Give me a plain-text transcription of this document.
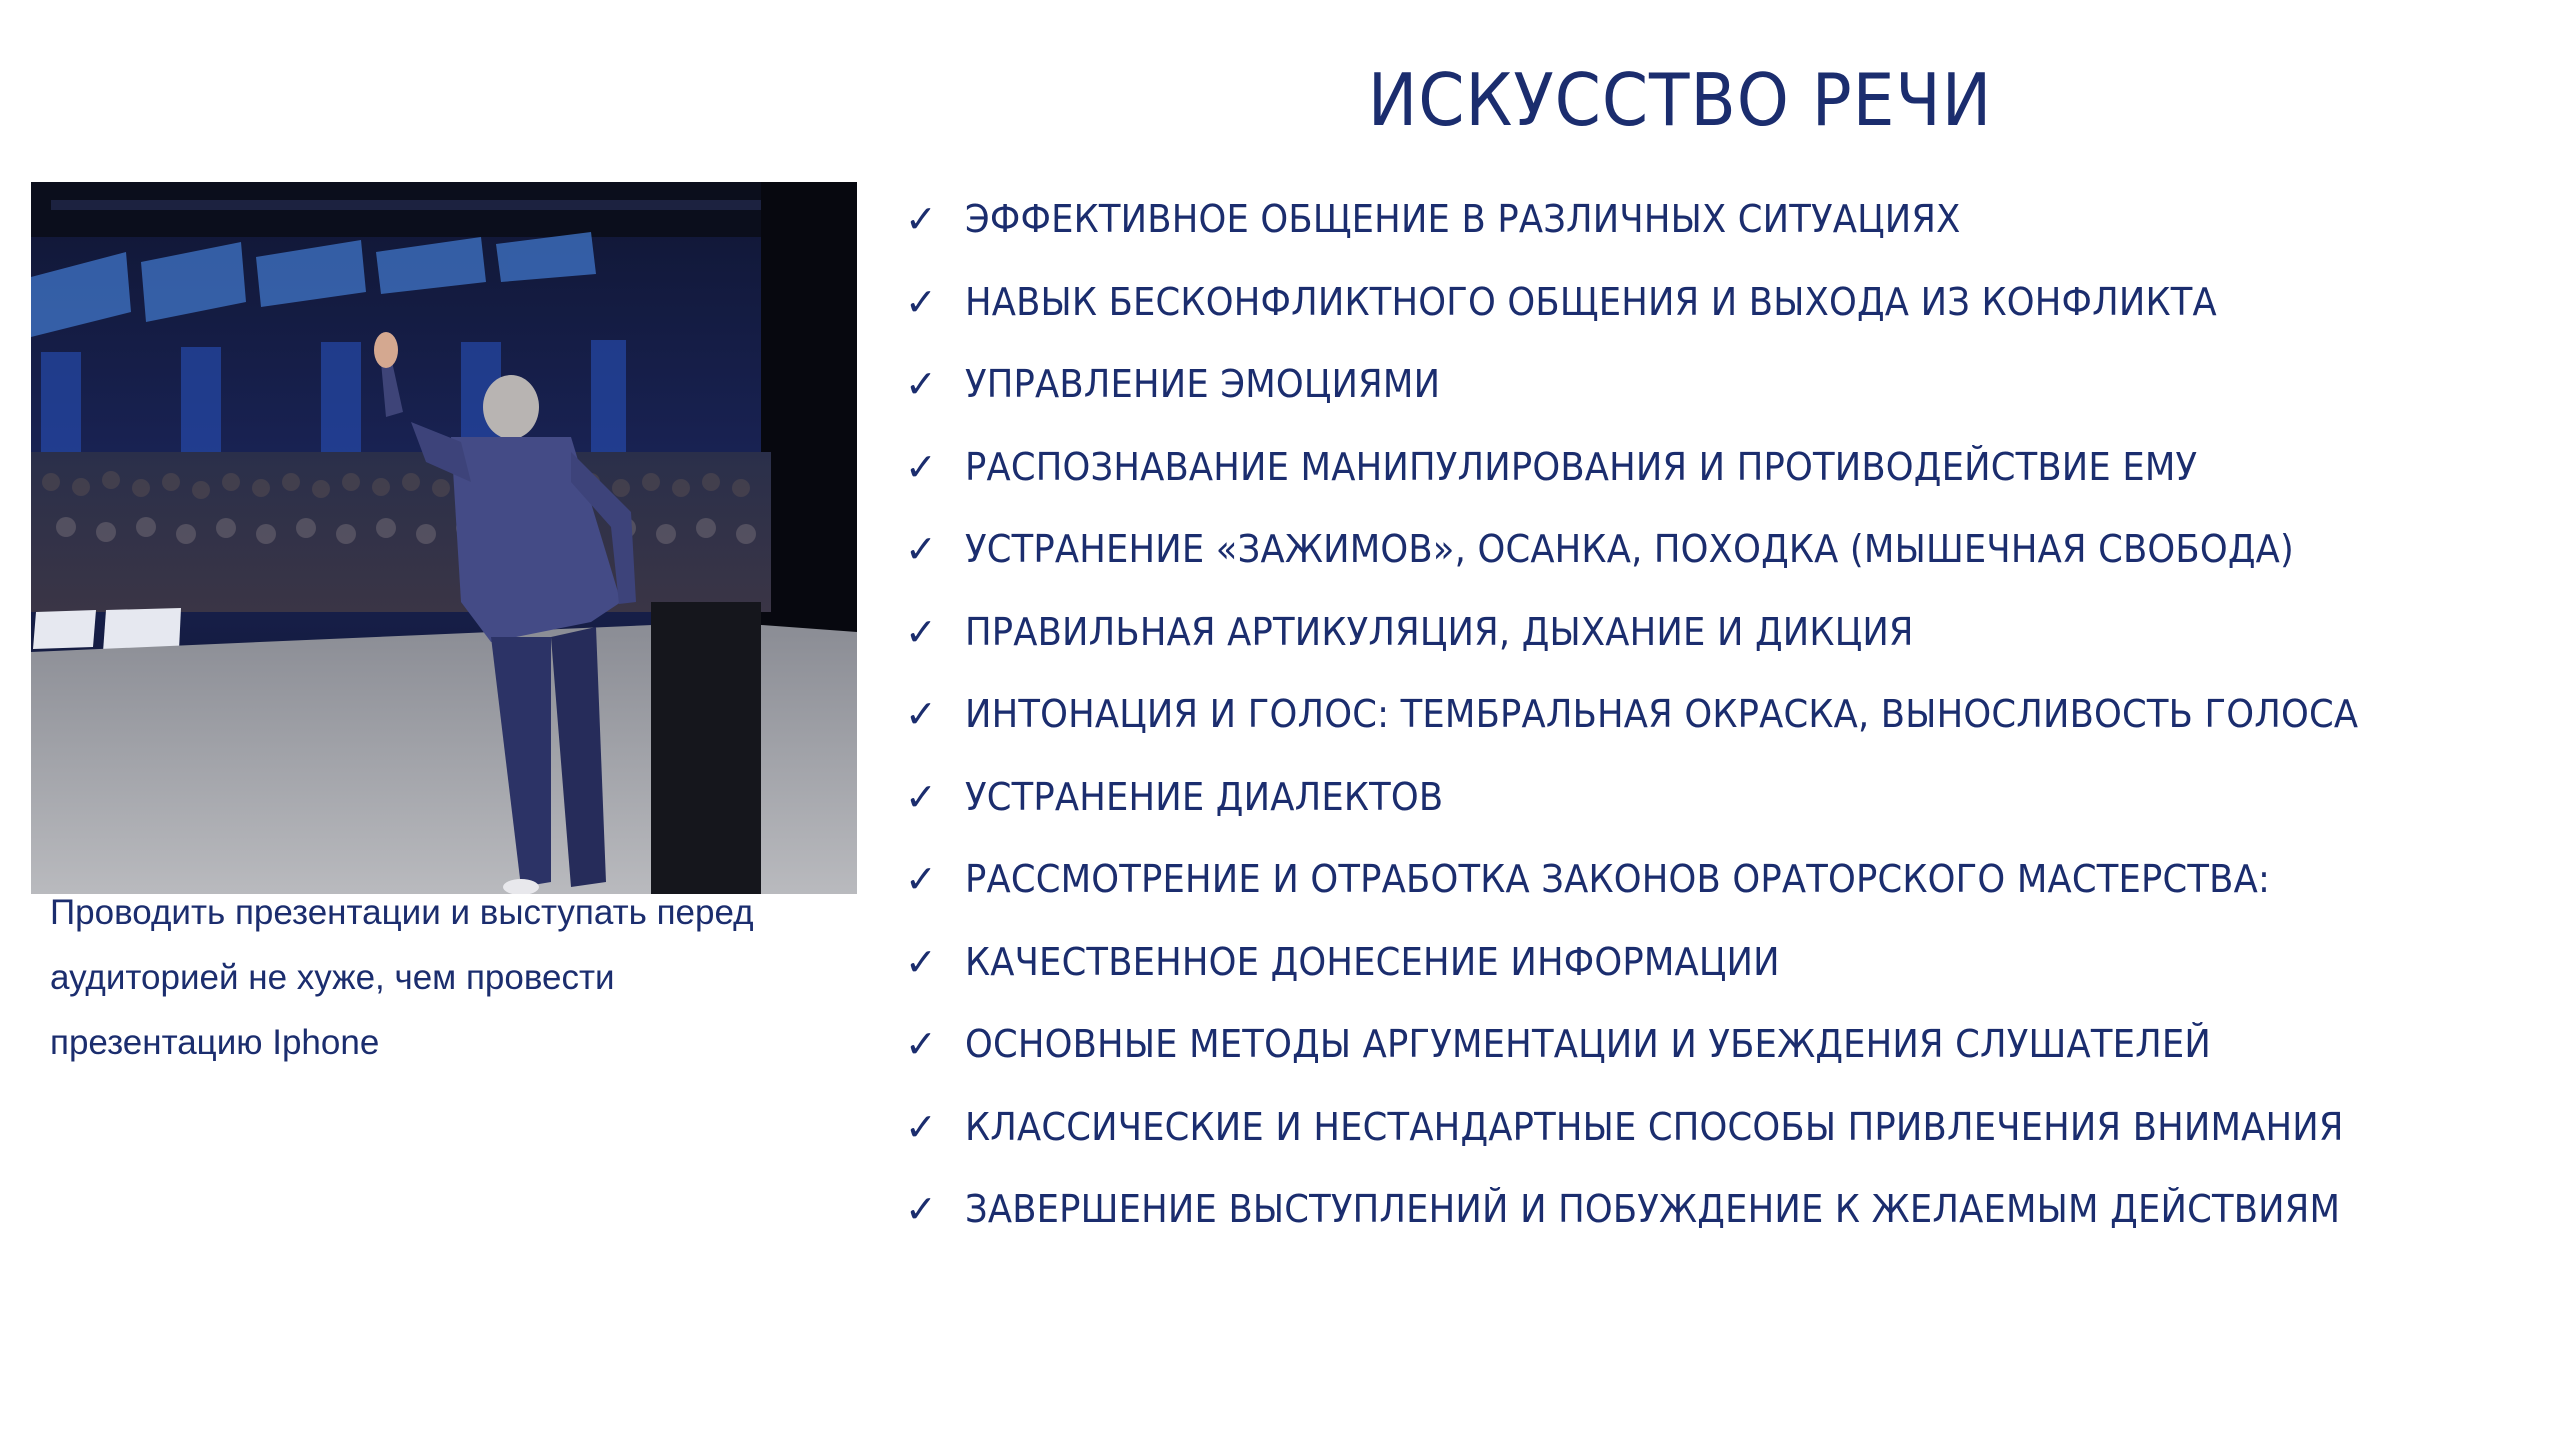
ИСКУССТВО РЕЧИ
Проводить презентации и выступать перед
аудиторией не хуже, чем провести
презентацию Iphone
✓ ЭФФЕКТИВНОЕ ОБЩЕНИЕ В РАЗЛИЧНЫХ СИТУАЦИЯХ
✓ НАВЫК БЕСКОНФЛИКТНОГО ОБЩЕНИЯ И ВЫХОДА ИЗ КОНФЛИКТА
✓ УПРАВЛЕНИЕ ЭМОЦИЯМИ
✓ РАСПОЗНАВАНИЕ МАНИПУЛИРОВАНИЯ И ПРОТИВОДЕЙСТВИЕ ЕМУ
✓ УСТРАНЕНИЕ «ЗАЖИМОВ», ОСАНКА, ПОХОДКА (МЫШЕЧНАЯ СВОБОДА)
✓ ПРАВИЛЬНАЯ АРТИКУЛЯЦИЯ, ДЫХАНИЕ И ДИКЦИЯ
✓ ИНТОНАЦИЯ И ГОЛОС: ТЕМБРАЛЬНАЯ ОКРАСКА, ВЫНОСЛИВОСТЬ ГОЛОСА
✓ УСТРАНЕНИЕ ДИАЛЕКТОВ
✓ РАССМОТРЕНИЕ И ОТРАБОТКА ЗАКОНОВ ОРАТОРСКОГО МАСТЕРСТВА:
✓ КАЧЕСТВЕННОЕ ДОНЕСЕНИЕ ИНФОРМАЦИИ
✓ ОСНОВНЫЕ МЕТОДЫ АРГУМЕНТАЦИИ И УБЕЖДЕНИЯ СЛУШАТЕЛЕЙ
✓ КЛАССИЧЕСКИЕ И НЕСТАНДАРТНЫЕ СПОСОБЫ ПРИВЛЕЧЕНИЯ ВНИМАНИЯ
✓ ЗАВЕРШЕНИЕ ВЫСТУПЛЕНИЙ И ПОБУЖДЕНИЕ К ЖЕЛАЕМЫМ ДЕЙСТВИЯМ
